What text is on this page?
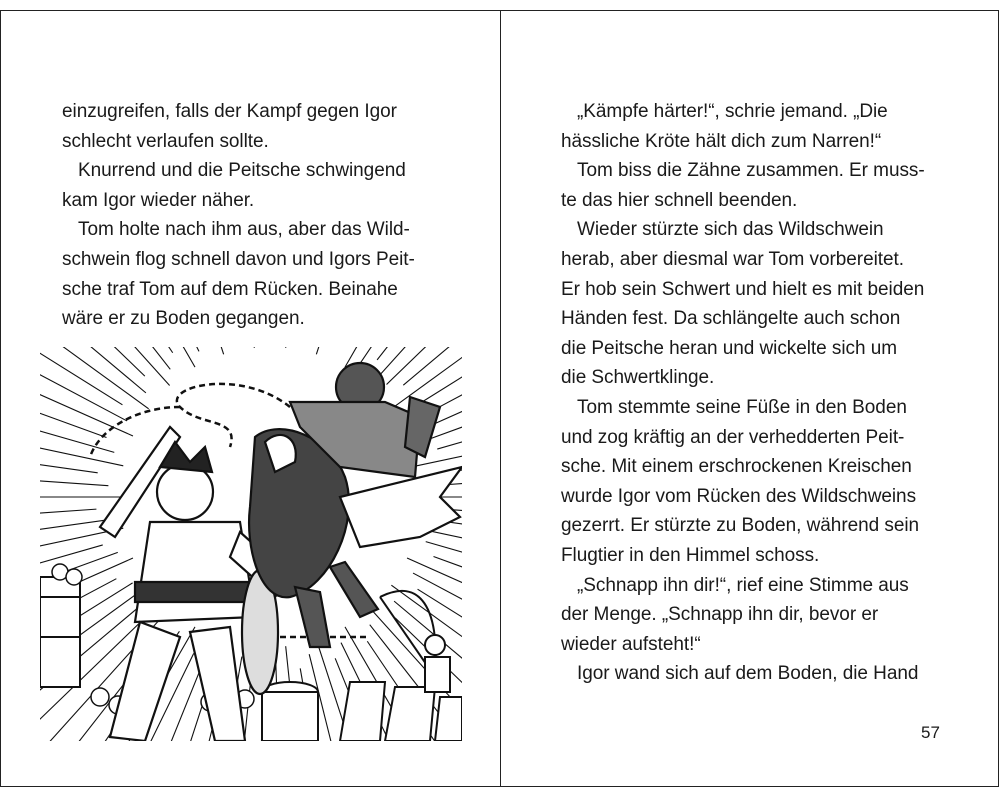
einzugreifen, falls der Kampf gegen Igor
schlecht verlaufen sollte.
Knurrend und die Peitsche schwingend
kam Igor wieder näher.
Tom holte nach ihm aus, aber das Wild-
schwein flog schnell davon und Igors Peit-
sche traf Tom auf dem Rücken. Beinahe
wäre er zu Boden gegangen.
„Kämpfe härter!“, schrie jemand. „Die
hässliche Kröte hält dich zum Narren!“
Tom biss die Zähne zusammen. Er muss-
te das hier schnell beenden.
Wieder stürzte sich das Wildschwein
herab, aber diesmal war Tom vorbereitet.
Er hob sein Schwert und hielt es mit beiden
Händen fest. Da schlängelte auch schon
die Peitsche heran und wickelte sich um
die Schwertklinge.
Tom stemmte seine Füße in den Boden
und zog kräftig an der verhedderten Peit-
sche. Mit einem erschrockenen Kreischen
wurde Igor vom Rücken des Wildschweins
gezerrt. Er stürzte zu Boden, während sein
Flugtier in den Himmel schoss.
„Schnapp ihn dir!“, rief eine Stimme aus
der Menge. „Schnapp ihn dir, bevor er
wieder aufsteht!“
Igor wand sich auf dem Boden, die Hand
57
